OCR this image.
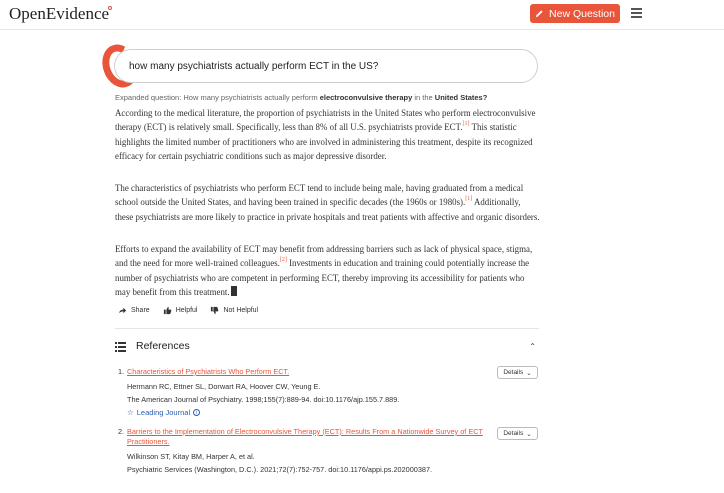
OpenEvidence	New Question
how many psychiatrists actually perform ECT in the US?
Expanded question: How many psychiatrists actually perform electroconvulsive therapy in the United States?
According to the medical literature, the proportion of psychiatrists in the United States who perform electroconvulsive therapy (ECT) is relatively small. Specifically, less than 8% of all U.S. psychiatrists provide ECT.[1] This statistic highlights the limited number of practitioners who are involved in administering this treatment, despite its recognized efficacy for certain psychiatric conditions such as major depressive disorder.
The characteristics of psychiatrists who perform ECT tend to include being male, having graduated from a medical school outside the United States, and having been trained in specific decades (the 1960s or 1980s).[1] Additionally, these psychiatrists are more likely to practice in private hospitals and treat patients with affective and organic disorders.
Efforts to expand the availability of ECT may benefit from addressing barriers such as lack of physical space, stigma, and the need for more well-trained colleagues.[2] Investments in education and training could potentially increase the number of psychiatrists who are competent in performing ECT, thereby improving its accessibility for patients who may benefit from this treatment.
Share	Helpful	Not Helpful
References	⌃
1. Characteristics of Psychiatrists Who Perform ECT.	Details ⌄
Hermann RC, Ettner SL, Dorwart RA, Hoover CW, Yeung E.
The American Journal of Psychiatry. 1998;155(7):889-94. doi:10.1176/ajp.155.7.889.
☆ Leading Journal	i
2. Barriers to the Implementation of Electroconvulsive Therapy (ECT): Results From a Nationwide Survey of ECT Practitioners.
Details ⌄
Wilkinson ST, Kitay BM, Harper A, et al.
Psychiatric Services (Washington, D.C.). 2021;72(7):752-757. doi:10.1176/appi.ps.202000387.
